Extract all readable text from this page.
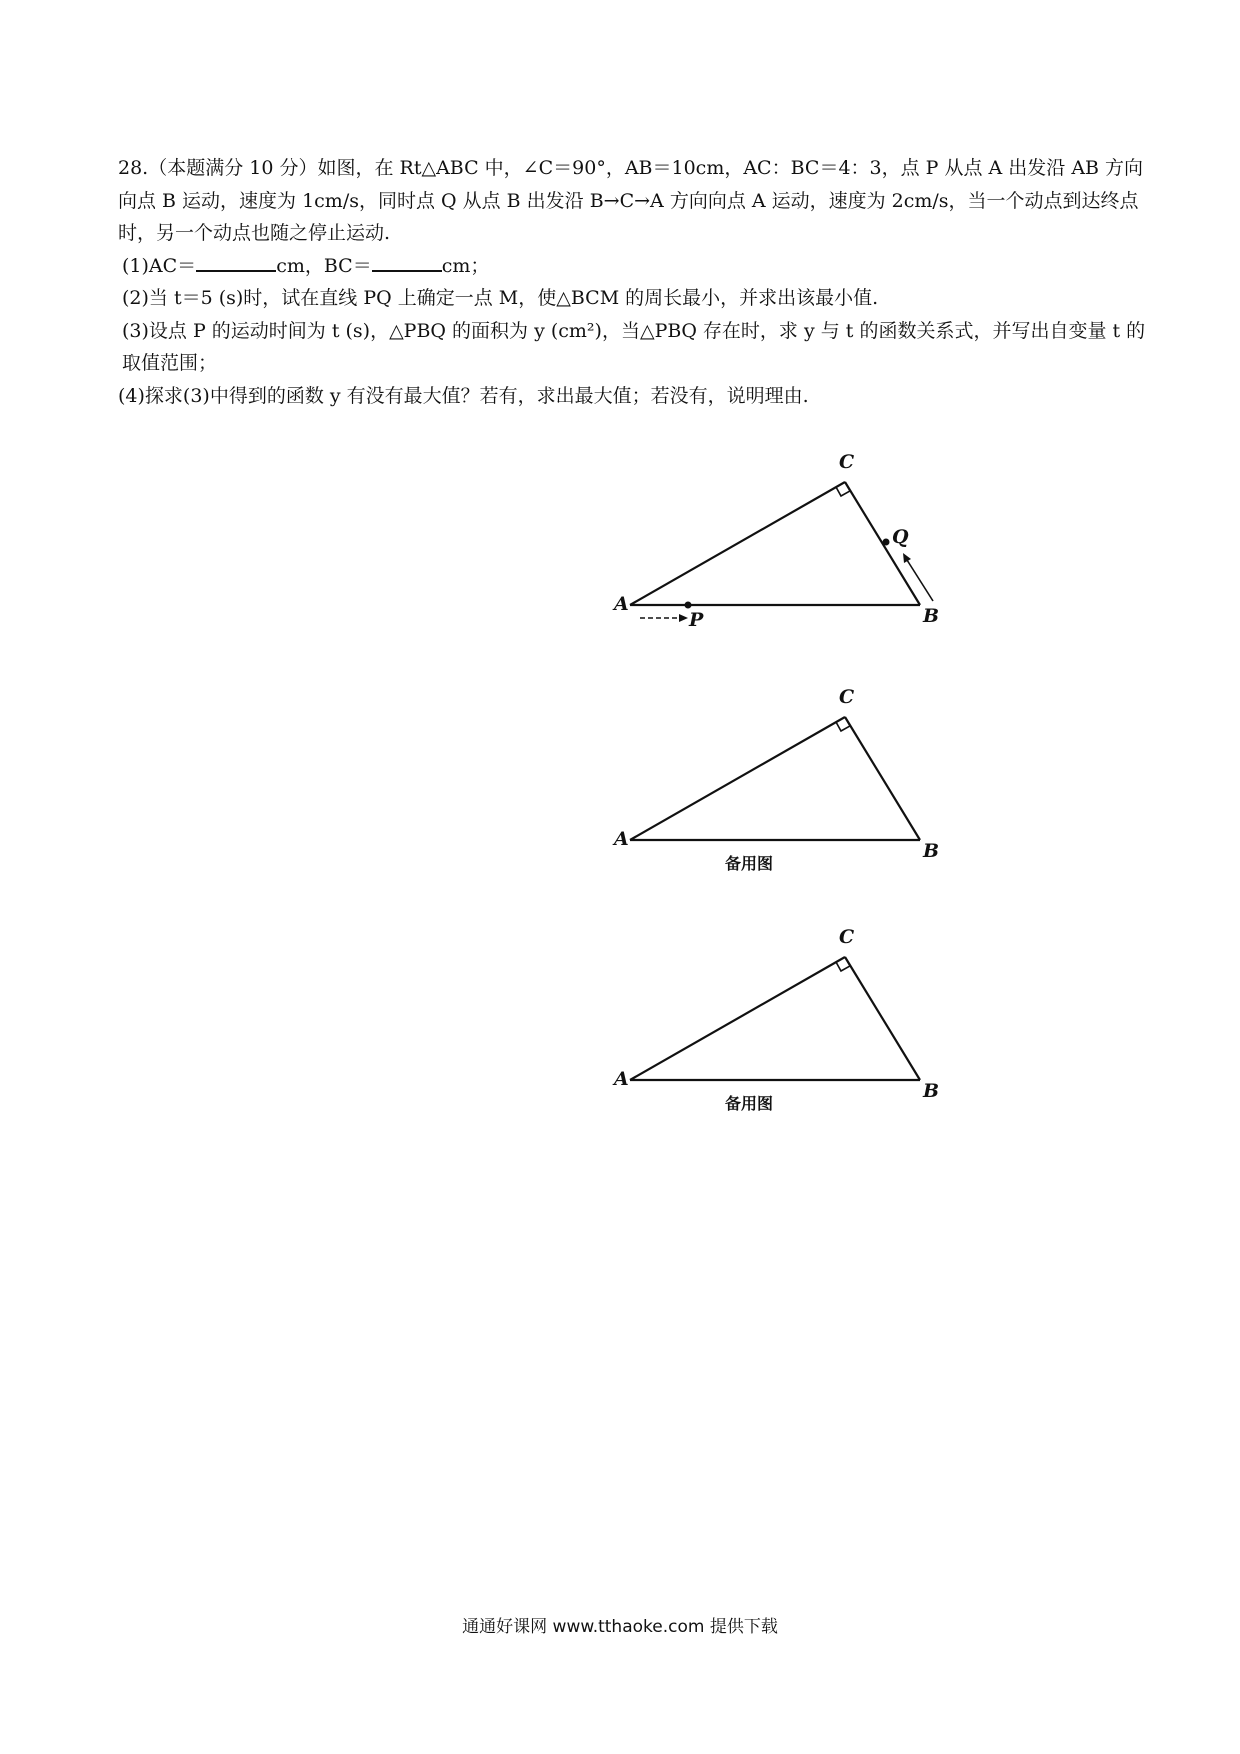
28.（本题满分 10 分）如图，在 Rt△ABC 中，∠C＝90°，AB＝10cm，AC：BC＝4：3，点 P 从点 A 出发沿 AB 方向向点 B 运动，速度为 1cm/s，同时点 Q 从点 B 出发沿 B→C→A 方向向点 A 运动，速度为 2cm/s，当一个动点到达终点时，另一个动点也随之停止运动.

(1)AC＝	cm，BC＝	cm；

(2)当 t＝5 (s)时，试在直线 PQ 上确定一点 M，使△BCM 的周长最小，并求出该最小值.

(3)设点 P 的运动时间为 t (s)，△PBQ 的面积为 y (cm²)，当△PBQ 存在时，求 y 与 t 的函数关系式，并写出自变量 t 的取值范围；

(4)探求(3)中得到的函数 y 有没有最大值？若有，求出最大值；若没有，说明理由.

A
B
C
P
Q
A
B
C
备用图
A
B
C
备用图
通通好课网 www.tthaoke.com 提供下载
